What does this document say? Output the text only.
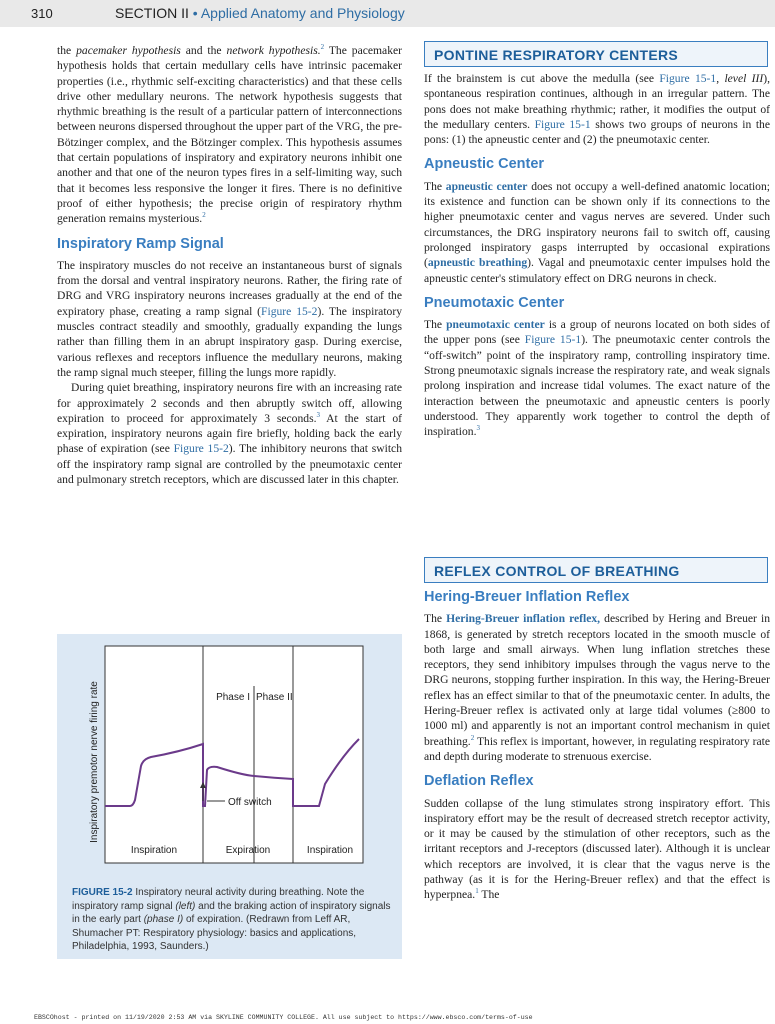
310	SECTION II • Applied Anatomy and Physiology

the pacemaker hypothesis and the network hypothesis.$^2$ The pacemaker hypothesis holds that certain medullary cells have intrinsic pacemaker properties (i.e., rhythmic self-exciting characteristics) and that these cells drive other medullary neurons. The network hypothesis suggests that rhythmic breathing is the result of a particular pattern of interconnections between neurons dispersed throughout the upper part of the VRG, the pre-Bötzinger complex, and the Bötzinger complex. This hypothesis assumes that certain populations of inspiratory and expiratory neurons inhibit one another and that one of the neuron types fires in a self-limiting way, such that it becomes less responsive the longer it fires. There is no definitive proof of either hypothesis; the precise origin of respiratory rhythm generation remains mysterious.$^2$

Inspiratory Ramp Signal

The inspiratory muscles do not receive an instantaneous burst of signals from the dorsal and ventral inspiratory neurons. Rather, the firing rate of DRG and VRG inspiratory neurons increases gradually at the end of the expiratory phase, creating a ramp signal (Figure 15-2). The inspiratory muscles contract steadily and smoothly, gradually expanding the lungs rather than filling them in an abrupt inspiratory gasp. During exercise, various reflexes and receptors influence the medullary neurons, making the ramp signal much steeper, filling the lungs more rapidly.

During quiet breathing, inspiratory neurons fire with an increasing rate for approximately 2 seconds and then abruptly switch off, allowing expiration to proceed for approximately 3 seconds.$^3$ At the start of expiration, inspiratory neurons again fire briefly, holding back the early phase of expiration (see Figure 15-2). The inhibitory neurons that switch off the inspiratory ramp signal are controlled by the pneumotaxic center and pulmonary stretch receptors, which are discussed later in this chapter.

Phase I Phase II
Off switch
Inspiration	Expiration	Inspiration
Inspiratory premotor nerve firing rate
FIGURE 15-2 Inspiratory neural activity during breathing. Note the inspiratory ramp signal (left) and the braking action of inspiratory signals in the early part (phase I) of expiration. (Redrawn from Leff AR, Shumacher PT: Respiratory physiology: basics and applications, Philadelphia, 1993, Saunders.)
PONTINE RESPIRATORY CENTERS

If the brainstem is cut above the medulla (see Figure 15-1, level III), spontaneous respiration continues, although in an irregular pattern. The pons does not make breathing rhythmic; rather, it modifies the output of the medullary centers. Figure 15-1 shows two groups of neurons in the pons: (1) the apneustic center and (2) the pneumotaxic center.

Apneustic Center

The apneustic center does not occupy a well-defined anatomic location; its existence and function can be shown only if its connections to the higher pneumotaxic center and vagus nerves are severed. Under such circumstances, the DRG inspiratory neurons fail to switch off, causing prolonged inspiratory gasps interrupted by occasional expirations (apneustic breathing). Vagal and pneumotaxic center impulses hold the apneustic center's stimulatory effect on DRG neurons in check.

Pneumotaxic Center

The pneumotaxic center is a group of neurons located on both sides of the upper pons (see Figure 15-1). The pneumotaxic center controls the “off-switch” point of the inspiratory ramp, controlling inspiratory time. Strong pneumotaxic signals increase the respiratory rate, and weak signals prolong inspiration and increase tidal volumes. The exact nature of the interaction between the pneumotaxic and apneustic centers is poorly understood. They apparently work together to control the depth of inspiration.$^3$

REFLEX CONTROL OF BREATHING
Hering-Breuer Inflation Reflex

The Hering-Breuer inflation reflex, described by Hering and Breuer in 1868, is generated by stretch receptors located in the smooth muscle of both large and small airways. When lung inflation stretches these receptors, they send inhibitory impulses through the vagus nerve to the DRG neurons, stopping further inspiration. In this way, the Hering-Breuer reflex has an effect similar to that of the pneumotaxic center. In adults, the Hering-Breuer reflex is activated only at large tidal volumes (≥800 to 1000 ml) and apparently is not an important control mechanism in quiet breathing.$^2$ This reflex is important, however, in regulating respiratory rate and depth during moderate to strenuous exercise.

Deflation Reflex

Sudden collapse of the lung stimulates strong inspiratory effort. This inspiratory effort may be the result of decreased stretch receptor activity, or it may be caused by the stimulation of other receptors, such as the irritant receptors and J-receptors (discussed later). Although it is unclear which receptors are involved, it is clear that the vagus nerve is the pathway (as it is for the Hering-Breuer reflex) and that the effect is hyperpnea.$^1$ The

EBSCOhost - printed on 11/19/2020 2:53 AM via SKYLINE COMMUNITY COLLEGE. All use subject to https://www.ebsco.com/terms-of-use
